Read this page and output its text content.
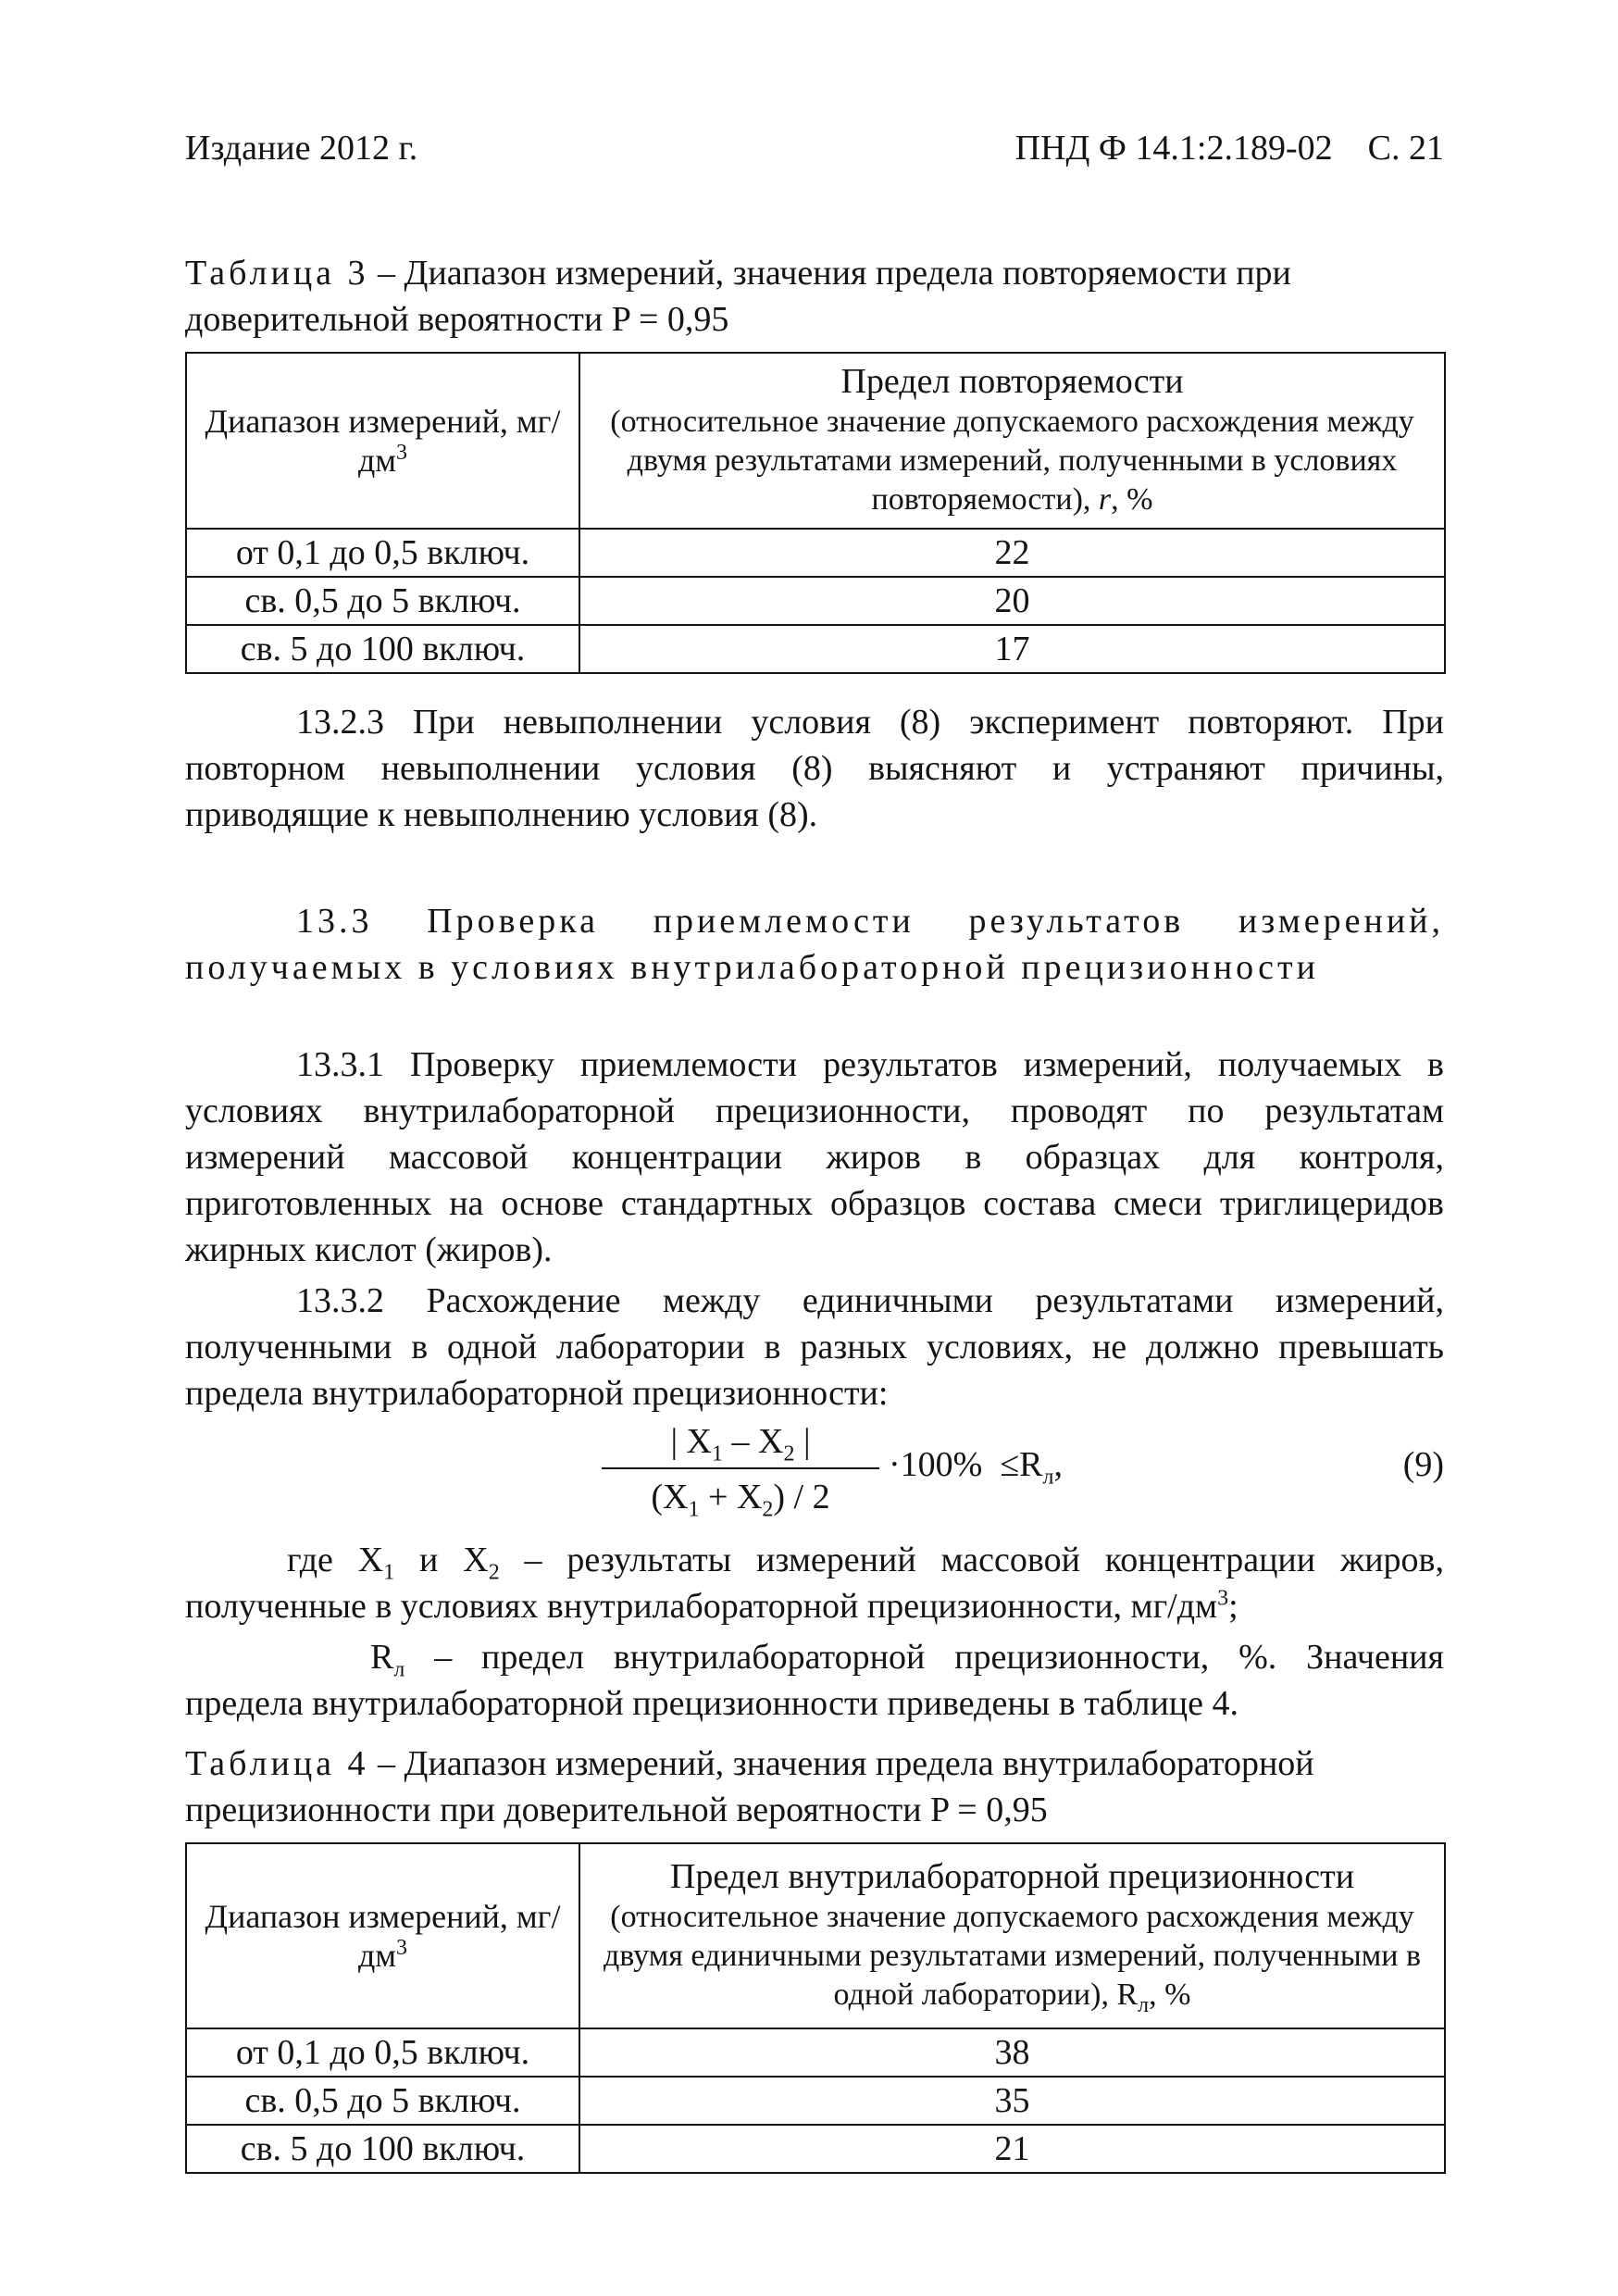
Издание 2012 г.	ПНД Ф 14.1:2.189-02 С. 21

Таблица 3 – Диапазон измерений, значения предела повторяемости при доверительной вероятности P = 0,95

Диапазон измерений, $мг/дм^3$	Предел повторяемости
(относительное значение допускаемого расхождения между двумя результатами измерений, полученными в условиях повторяемости), r, %
от 0,1 до 0,5 включ.	22
св. 0,5 до 5 включ.	20
св. 5 до 100 включ.	17

13.2.3 При невыполнении условия (8) эксперимент повторяют. При повторном невыполнении условия (8) выясняют и устраняют причины, приводящие к невыполнению условия (8).

13.3 Проверка приемлемости результатов измерений, получаемых в условиях внутрилабораторной прецизионности

13.3.1 Проверку приемлемости результатов измерений, получаемых в условиях внутрилабораторной прецизионности, проводят по результатам измерений массовой концентрации жиров в образцах для контроля, приготовленных на основе стандартных образцов состава смеси триглицеридов жирных кислот (жиров).

13.3.2 Расхождение между единичными результатами измерений, полученными в одной лаборатории в разных условиях, не должно превышать предела внутрилабораторной прецизионности:

$\frac{| X_1 - X_2 |}{(X_1 + X_2) / 2} \cdot 100\% \le R_л$,	(9)

где $X_1$ и $X_2$ – результаты измерений массовой концентрации жиров, полученные в условиях внутрилабораторной прецизионности, $мг/дм^3$;

$R_л$ – предел внутрилабораторной прецизионности, %. Значения предела внутрилабораторной прецизионности приведены в таблице 4.

Таблица 4 – Диапазон измерений, значения предела внутрилабораторной прецизионности при доверительной вероятности P = 0,95

Диапазон измерений, $мг/дм^3$	Предел внутрилабораторной прецизионности
(относительное значение допускаемого расхождения между двумя единичными результатами измерений, полученными в одной лаборатории), $R_л$, %
от 0,1 до 0,5 включ.	38
св. 0,5 до 5 включ.	35
св. 5 до 100 включ.	21
